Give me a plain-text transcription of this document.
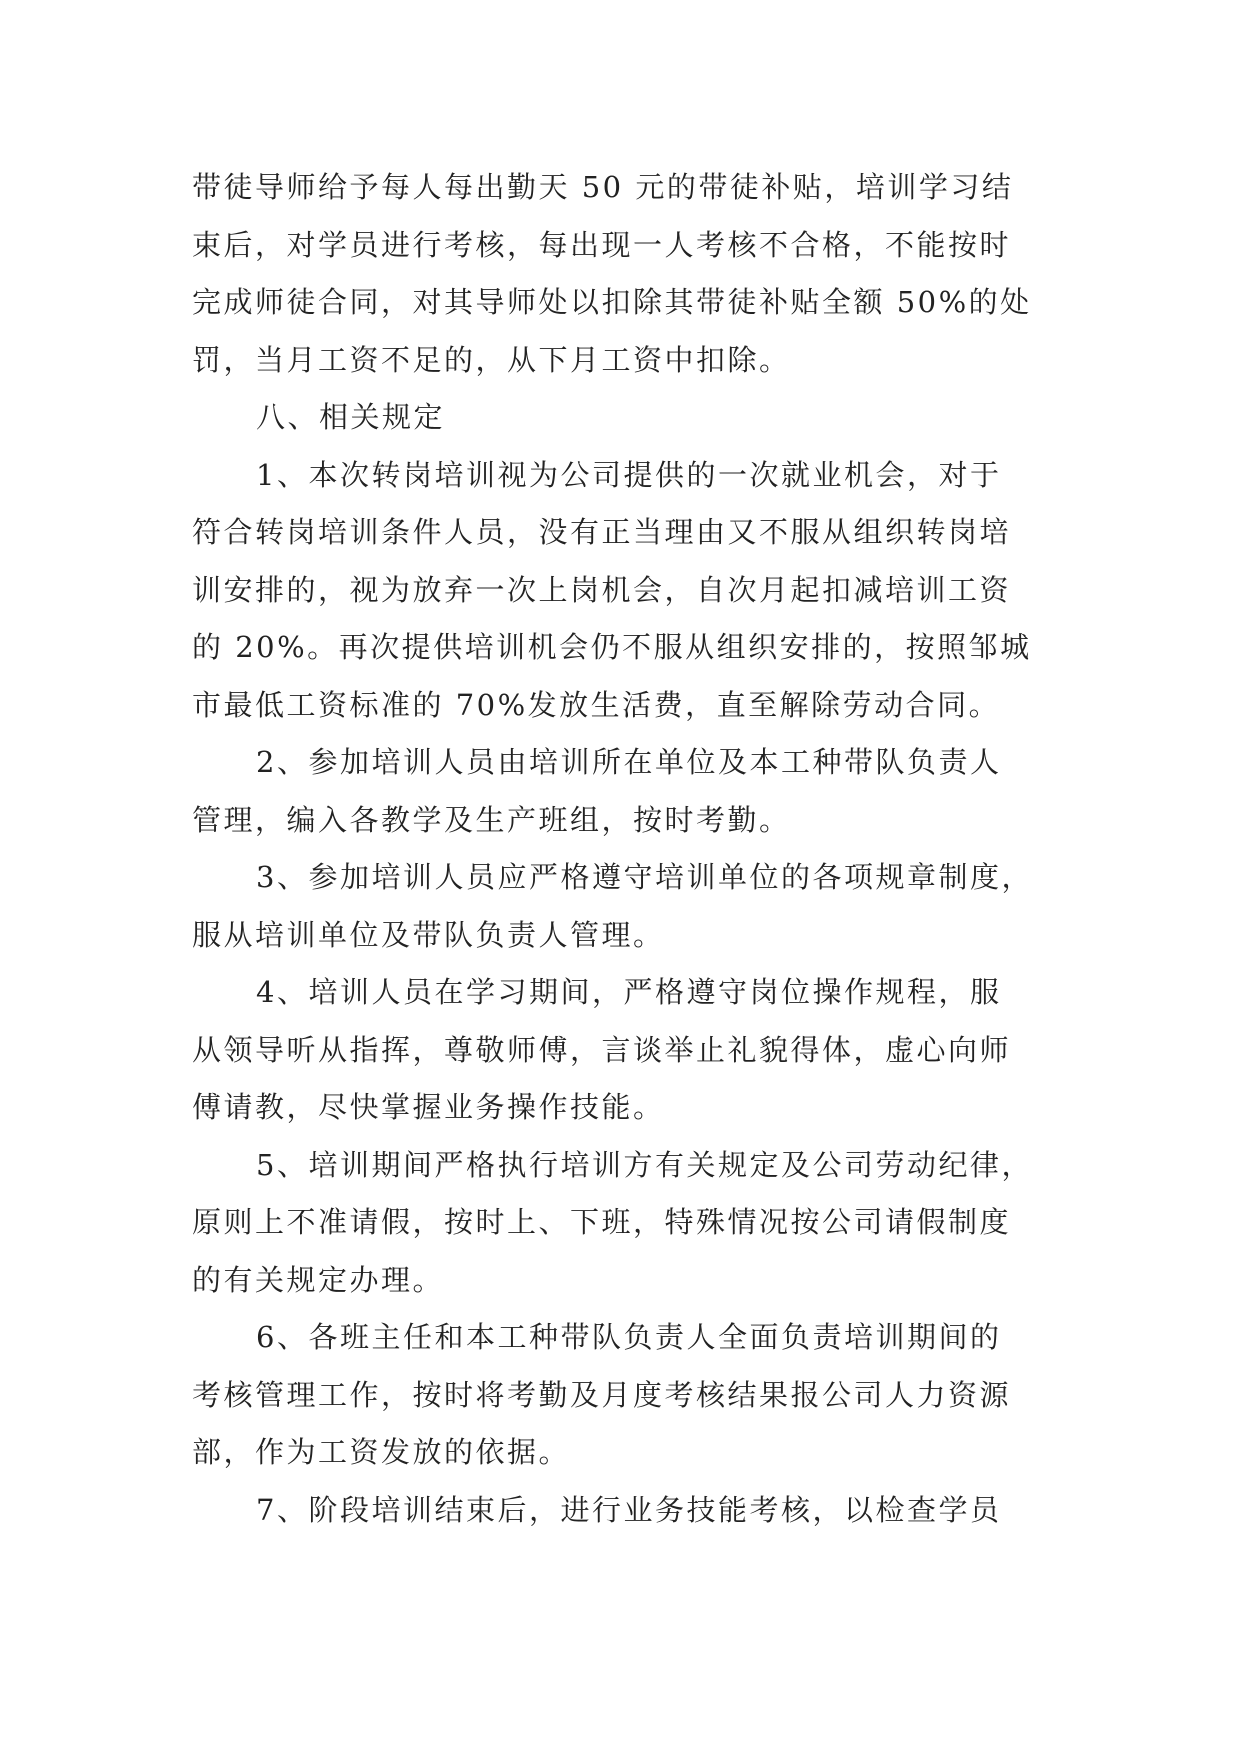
带徒导师给予每人每出勤天 50 元的带徒补贴，培训学习结
束后，对学员进行考核，每出现一人考核不合格，不能按时
完成师徒合同，对其导师处以扣除其带徒补贴全额 50%的处
罚，当月工资不足的，从下月工资中扣除。

八、相关规定

1、本次转岗培训视为公司提供的一次就业机会，对于
符合转岗培训条件人员，没有正当理由又不服从组织转岗培
训安排的，视为放弃一次上岗机会，自次月起扣减培训工资
的 20%。再次提供培训机会仍不服从组织安排的，按照邹城
市最低工资标准的 70%发放生活费，直至解除劳动合同。

2、参加培训人员由培训所在单位及本工种带队负责人
管理，编入各教学及生产班组，按时考勤。

3、参加培训人员应严格遵守培训单位的各项规章制度，
服从培训单位及带队负责人管理。

4、培训人员在学习期间，严格遵守岗位操作规程，服
从领导听从指挥，尊敬师傅，言谈举止礼貌得体，虚心向师
傅请教，尽快掌握业务操作技能。

5、培训期间严格执行培训方有关规定及公司劳动纪律，
原则上不准请假，按时上、下班，特殊情况按公司请假制度
的有关规定办理。

6、各班主任和本工种带队负责人全面负责培训期间的
考核管理工作，按时将考勤及月度考核结果报公司人力资源
部，作为工资发放的依据。

7、阶段培训结束后，进行业务技能考核，以检查学员
